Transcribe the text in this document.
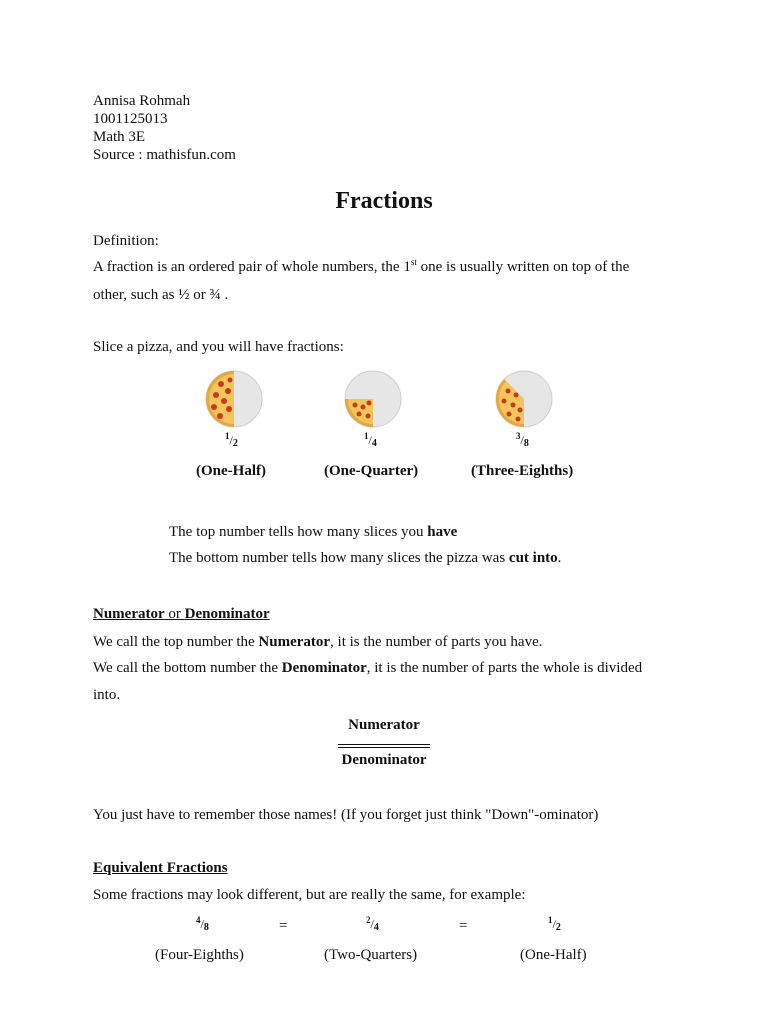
Annisa Rohmah
1001125013
Math 3E
Source : mathisfun.com
Fractions
Definition:
A fraction is an ordered pair of whole numbers, the 1st one is usually written on top of the
other, such as ½ or ¾ .
Slice a pizza, and you will have fractions:
$^1$/2
$^1$/4
$^3$/8
(One-Half)	(One-Quarter)	(Three-Eighths)
The top number tells how many slices you have
The bottom number tells how many slices the pizza was cut into.
Numerator or Denominator
We call the top number the Numerator, it is the number of parts you have.
We call the bottom number the Denominator, it is the number of parts the whole is divided
into.
Numerator
Denominator
You just have to remember those names! (If you forget just think "Down"-ominator)
Equivalent Fractions
Some fractions may look different, but are really the same, for example:
$^4$/8	=	$^2$/4	=	$^1$/2
(Four-Eighths)	(Two-Quarters)	(One-Half)
